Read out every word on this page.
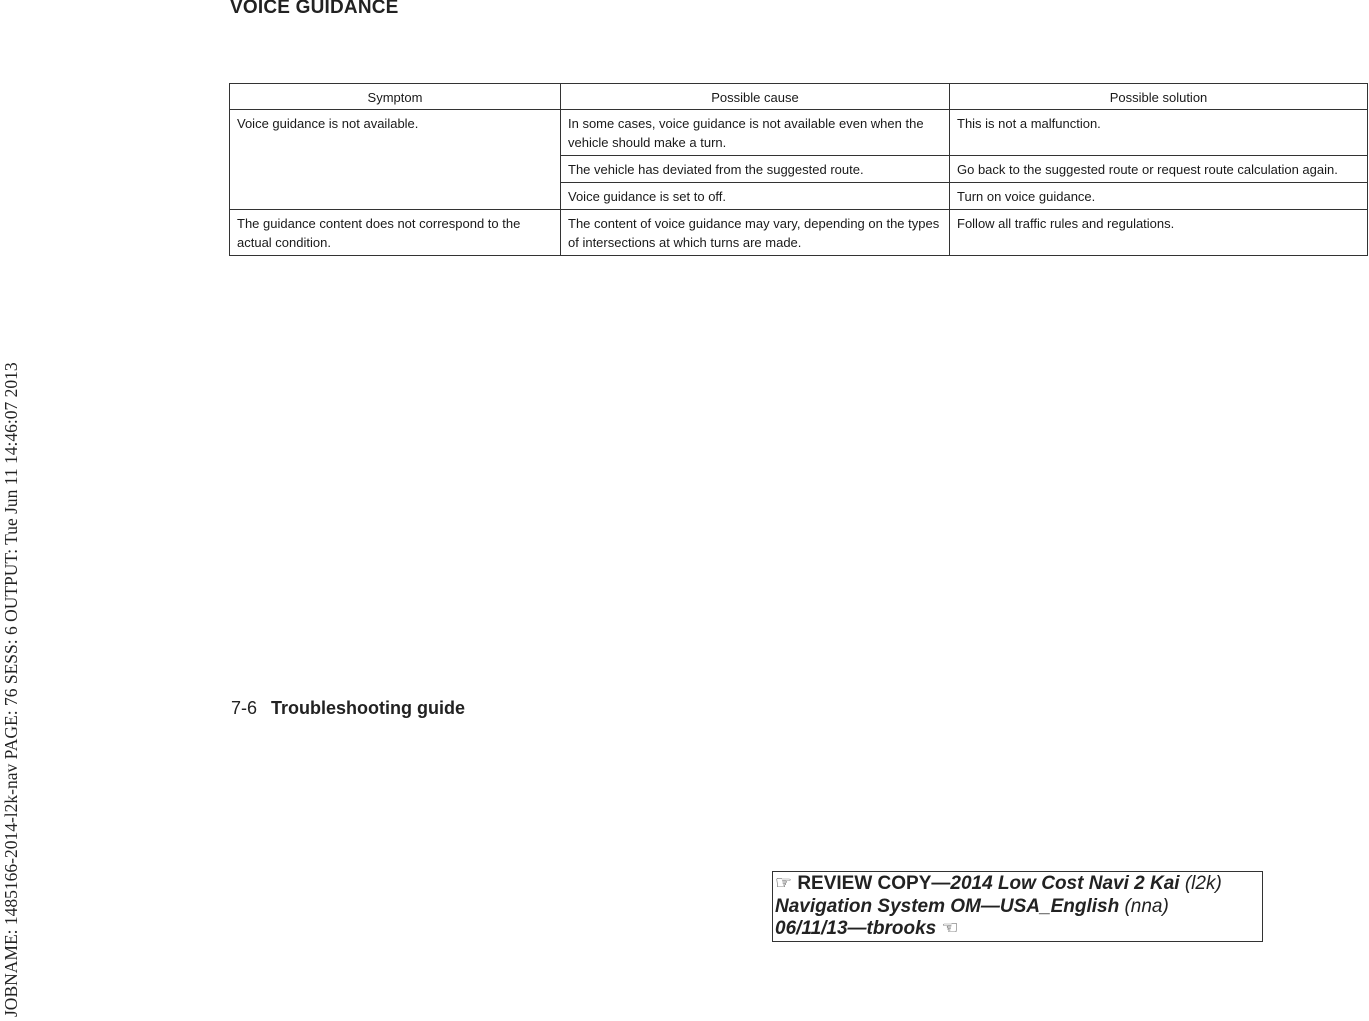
JOBNAME: 1485166-2014-l2k-nav PAGE: 76 SESS: 6 OUTPUT: Tue Jun 11 14:46:07 2013
VOICE GUIDANCE
Symptom	Possible cause	Possible solution
Voice guidance is not available.	In some cases, voice guidance is not available even when the vehicle should make a turn.	This is not a malfunction.
	The vehicle has deviated from the suggested route.	Go back to the suggested route or request route calculation again.
	Voice guidance is set to off.	Turn on voice guidance.
The guidance content does not correspond to the actual condition.	The content of voice guidance may vary, depending on the types of intersections at which turns are made.	Follow all traffic rules and regulations.
7-6 Troubleshooting guide
☞ REVIEW COPY—2014 Low Cost Navi 2 Kai (l2k)
Navigation System OM—USA_English (nna)
06/11/13—tbrooks ☜
